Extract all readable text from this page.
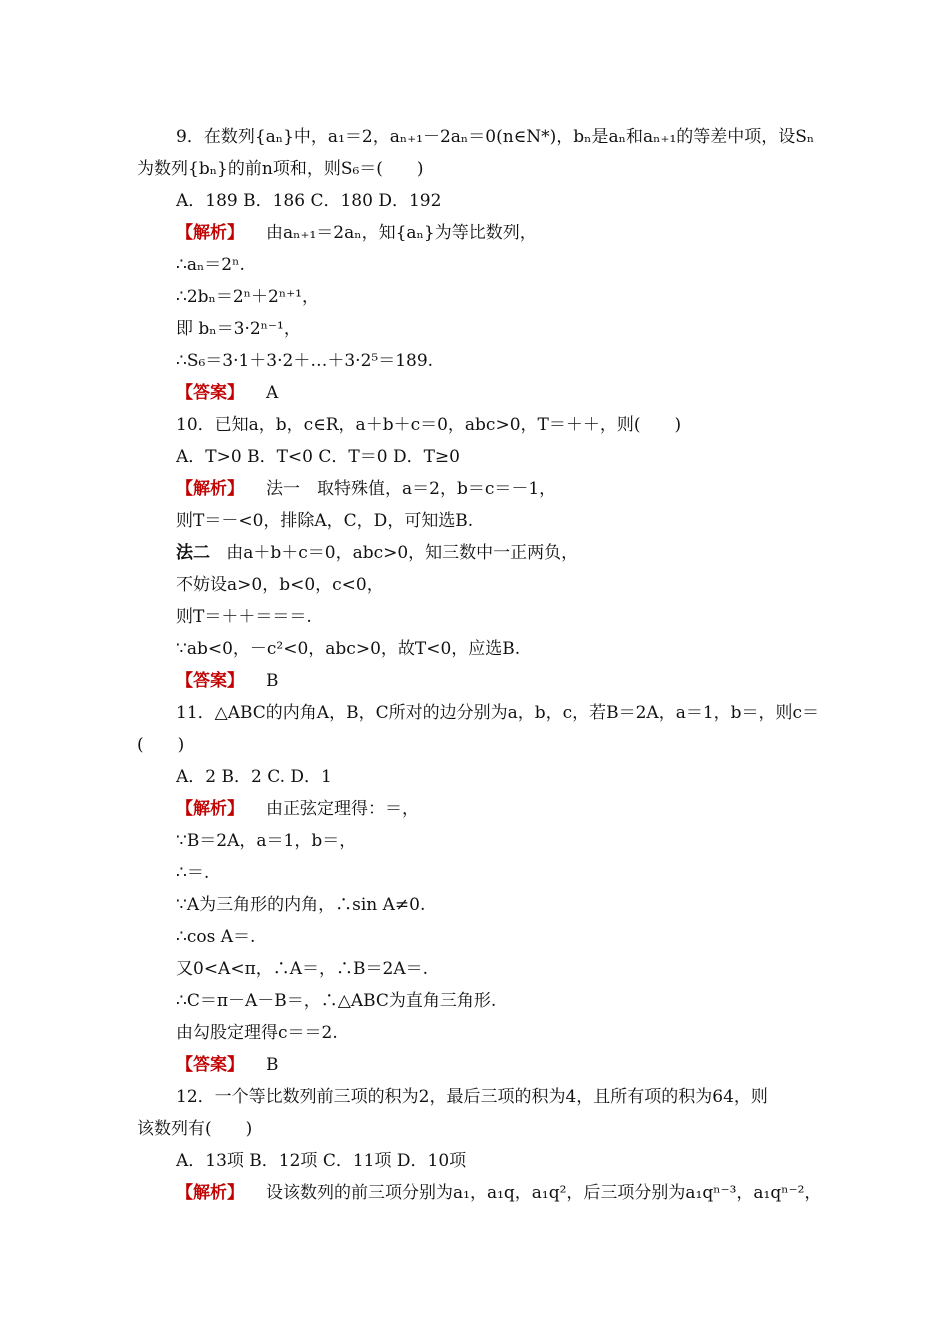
9．在数列{aₙ}中，a₁＝2，aₙ₊₁－2aₙ＝0(n∈N*)，bₙ是aₙ和aₙ₊₁的等差中项，设Sₙ
为数列{bₙ}的前n项和，则S₆＝(　　)
A．189 B．186 C．180 D．192
【解析】 由aₙ₊₁＝2aₙ，知{aₙ}为等比数列，
∴aₙ＝2ⁿ.
∴2bₙ＝2ⁿ＋2ⁿ⁺¹，
即 bₙ＝3·2ⁿ⁻¹，
∴S₆＝3·1＋3·2＋…＋3·2⁵＝189.
【答案】 A
10．已知a，b，c∈R，a＋b＋c＝0，abc>0，T＝＋＋，则(　　)
A．T>0 B．T<0 C．T＝0 D．T≥0
【解析】 法一　取特殊值，a＝2，b＝c＝－1，
则T＝－<0，排除A，C，D，可知选B.
法二 由a＋b＋c＝0，abc>0，知三数中一正两负，
不妨设a>0，b<0，c<0，
则T＝＋＋＝＝＝.
∵ab<0，－c²<0，abc>0，故T<0，应选B.
【答案】 B
11．△ABC的内角A，B，C所对的边分别为a，b，c，若B＝2A，a＝1，b＝，则c＝
(　　)
A．2 B．2 C. D．1
【解析】 由正弦定理得：＝，
∵B＝2A，a＝1，b＝，
∴＝.
∵A为三角形的内角，∴sin A≠0.
∴cos A＝.
又0<A<π，∴A＝，∴B＝2A＝.
∴C＝π－A－B＝，∴△ABC为直角三角形.
由勾股定理得c＝＝2.
【答案】 B
12．一个等比数列前三项的积为2，最后三项的积为4，且所有项的积为64，则
该数列有(　　)
A．13项 B．12项 C．11项 D．10项
【解析】 设该数列的前三项分别为a₁，a₁q，a₁q²，后三项分别为a₁qⁿ⁻³，a₁qⁿ⁻²，
